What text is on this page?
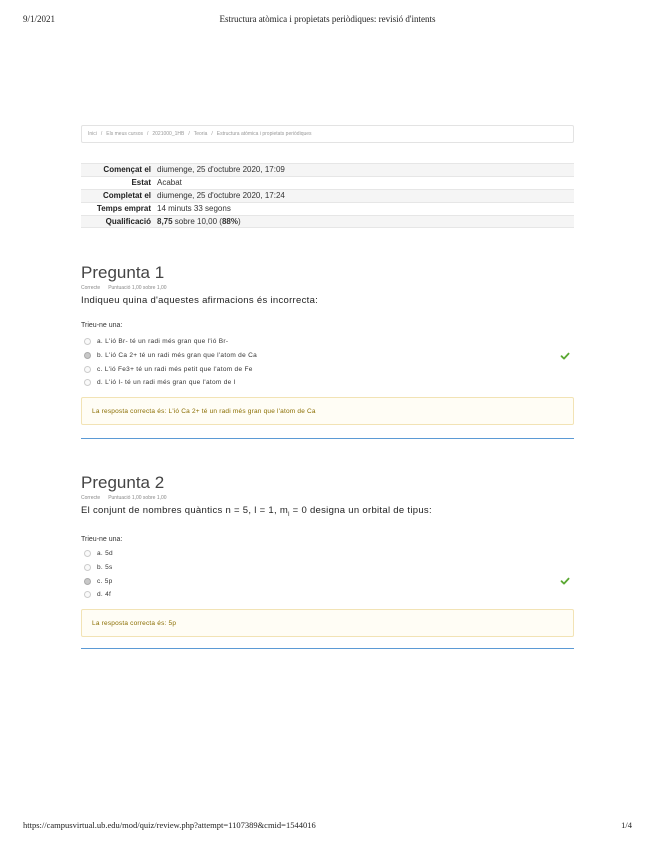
9/1/2021	Estructura atòmica i propietats periòdiques: revisió d'intents
Inici / Els meus cursos / 2021000_1HB / Teoria / Estructura atòmica i propietats periòdiques
Començat el diumenge, 25 d'octubre 2020, 17:09
Estat Acabat
Completat el diumenge, 25 d'octubre 2020, 17:24
Temps emprat 14 minuts 33 segons
Qualificació 8,75 sobre 10,00 (88%)
Pregunta 1
Correcte Puntuació 1,00 sobre 1,00
Indiqueu quina d'aquestes afirmacions és incorrecta:
Trieu-ne una:
a. L'ió Br- té un radi més gran que l'ió Br-
b. L'ió Ca 2+ té un radi més gran que l'atom de Ca
c. L'ió Fe3+ té un radi més petit que l'atom de Fe
d. L'ió I- té un radi més gran que l'atom de I
La resposta correcta és: L'ió Ca 2+ té un radi més gran que l'atom de Ca
Pregunta 2
Correcte Puntuació 1,00 sobre 1,00
El conjunt de nombres quàntics n = 5, l = 1, $m_l = 0$ designa un orbital de tipus:
Trieu-ne una:
a. 5d
b. 5s
c. 5p
d. 4f
La resposta correcta és: 5p
https://campusvirtual.ub.edu/mod/quiz/review.php?attempt=1107389&cmid=1544016	1/4
